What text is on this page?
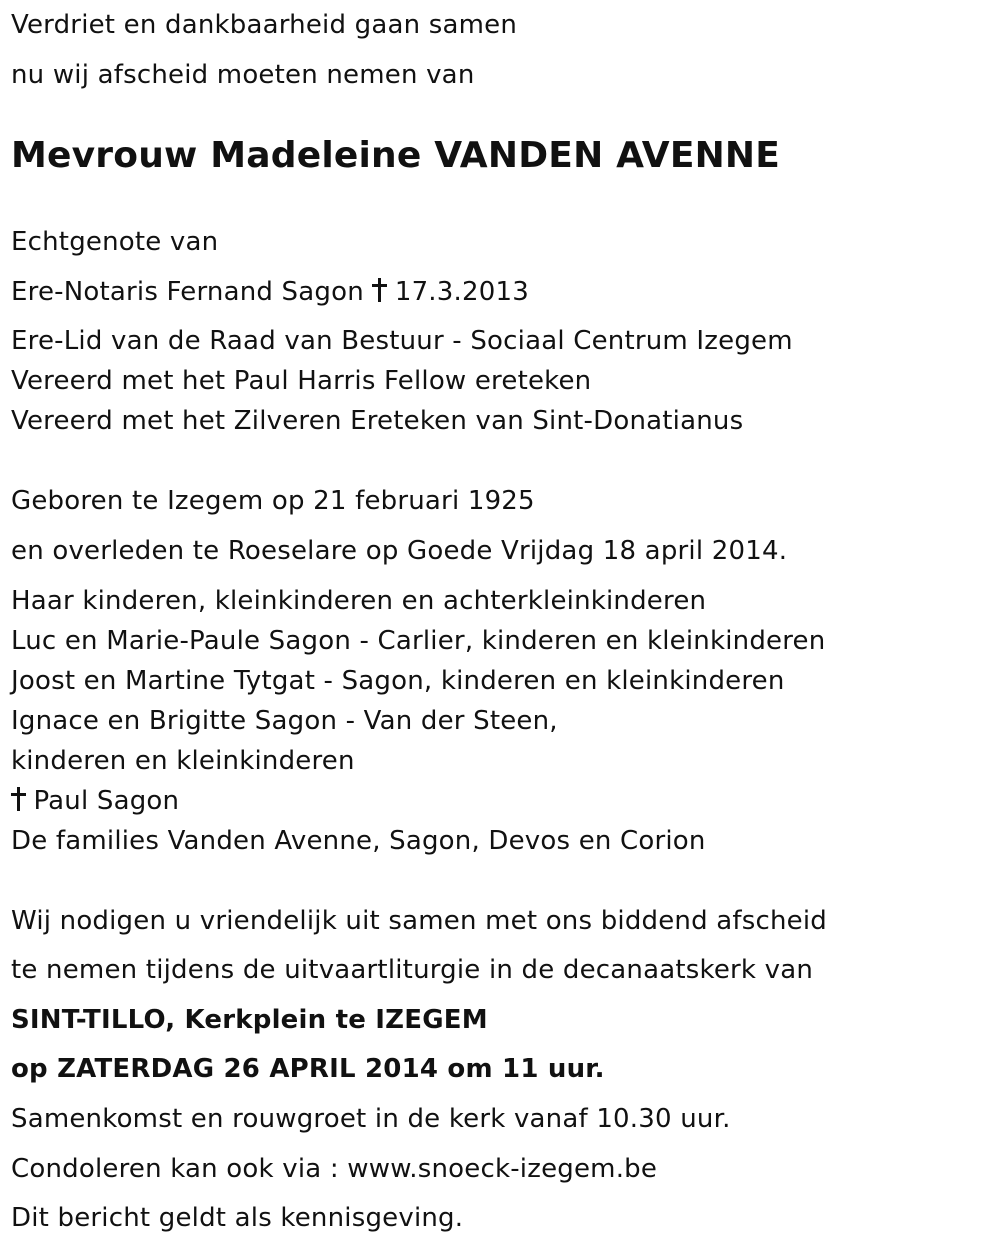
Verdriet en dankbaarheid gaan samen
nu wij afscheid moeten nemen van
Mevrouw Madeleine VANDEN AVENNE
Echtgenote van
Ere-Notaris Fernand Sagon 17.3.2013
Ere-Lid van de Raad van Bestuur - Sociaal Centrum Izegem
Vereerd met het Paul Harris Fellow ereteken
Vereerd met het Zilveren Ereteken van Sint-Donatianus
Geboren te Izegem op 21 februari 1925
en overleden te Roeselare op Goede Vrijdag 18 april 2014.
Haar kinderen, kleinkinderen en achterkleinkinderen
Luc en Marie-Paule Sagon - Carlier, kinderen en kleinkinderen
Joost en Martine Tytgat - Sagon, kinderen en kleinkinderen
Ignace en Brigitte Sagon - Van der Steen,
kinderen en kleinkinderen
Paul Sagon
De families Vanden Avenne, Sagon, Devos en Corion
Wij nodigen u vriendelijk uit samen met ons biddend afscheid
te nemen tijdens de uitvaartliturgie in de decanaatskerk van
SINT-TILLO, Kerkplein te IZEGEM
op ZATERDAG 26 APRIL 2014 om 11 uur.
Samenkomst en rouwgroet in de kerk vanaf 10.30 uur.
Condoleren kan ook via : www.snoeck-izegem.be
Dit bericht geldt als kennisgeving.
